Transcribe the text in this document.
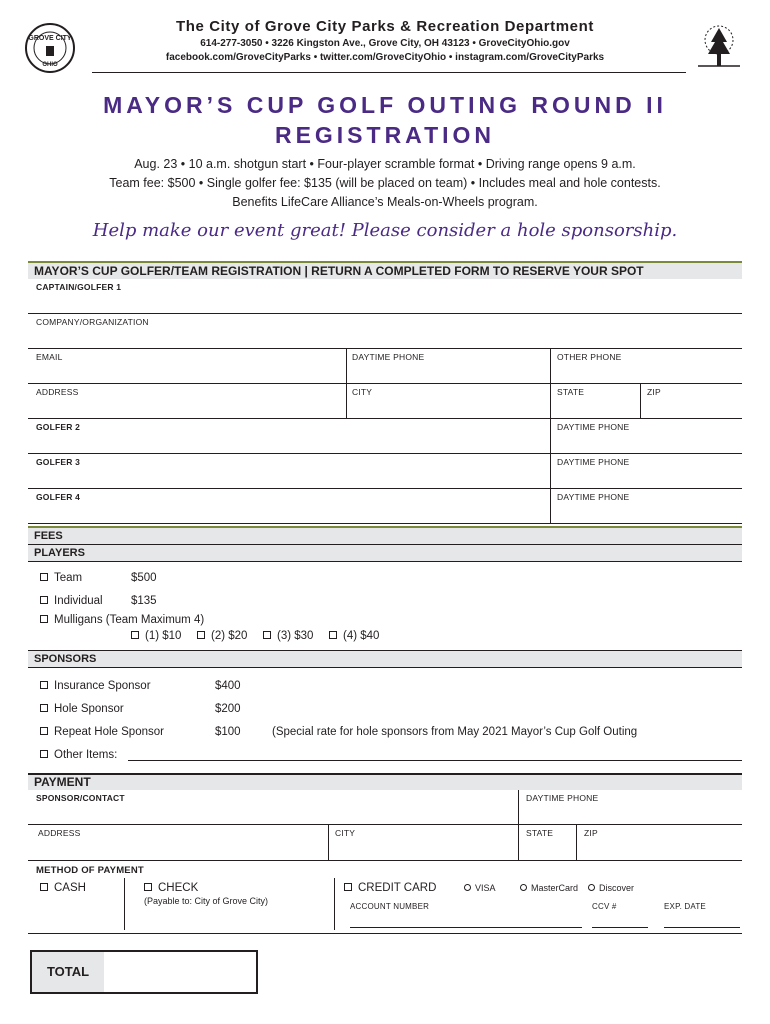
GROVE CITY
OHIO
The City of Grove City Parks & Recreation Department
614-277-3050 • 3226 Kingston Ave., Grove City, OH 43123 • GroveCityOhio.gov
facebook.com/GroveCityParks • twitter.com/GroveCityOhio • instagram.com/GroveCityParks
MAYOR’S CUP GOLF OUTING ROUND II
REGISTRATION
Aug. 23 • 10 a.m. shotgun start • Four-player scramble format • Driving range opens 9 a.m.
Team fee: $500 • Single golfer fee: $135 (will be placed on team) • Includes meal and hole contests.
Benefits LifeCare Alliance’s Meals-on-Wheels program.
Help make our event great! Please consider a hole sponsorship.
MAYOR’S CUP GOLFER/TEAM REGISTRATION | RETURN A COMPLETED FORM TO RESERVE YOUR SPOT
CAPTAIN/GOLFER 1
COMPANY/ORGANIZATION
EMAIL	DAYTIME PHONE	OTHER PHONE
ADDRESS	CITY	STATE	ZIP
GOLFER 2	DAYTIME PHONE
GOLFER 3	DAYTIME PHONE
GOLFER 4	DAYTIME PHONE
FEES
PLAYERS
Team	$500
Individual $135
Mulligans (Team Maximum 4)
(1) $10	(2) $20	(3) $30	(4) $40
SPONSORS
Insurance Sponsor	$400
Hole Sponsor	$200
Repeat Hole Sponsor	$100	(Special rate for hole sponsors from May 2021 Mayor’s Cup Golf Outing
Other Items:
PAYMENT
SPONSOR/CONTACT	DAYTIME PHONE
ADDRESS	CITY	STATE	ZIP
METHOD OF PAYMENT
CASH	CHECK
(Payable to: City of Grove City)
CREDIT CARD	VISA	MasterCard	Discover
ACCOUNT NUMBER	CCV #	EXP. DATE
TOTAL
